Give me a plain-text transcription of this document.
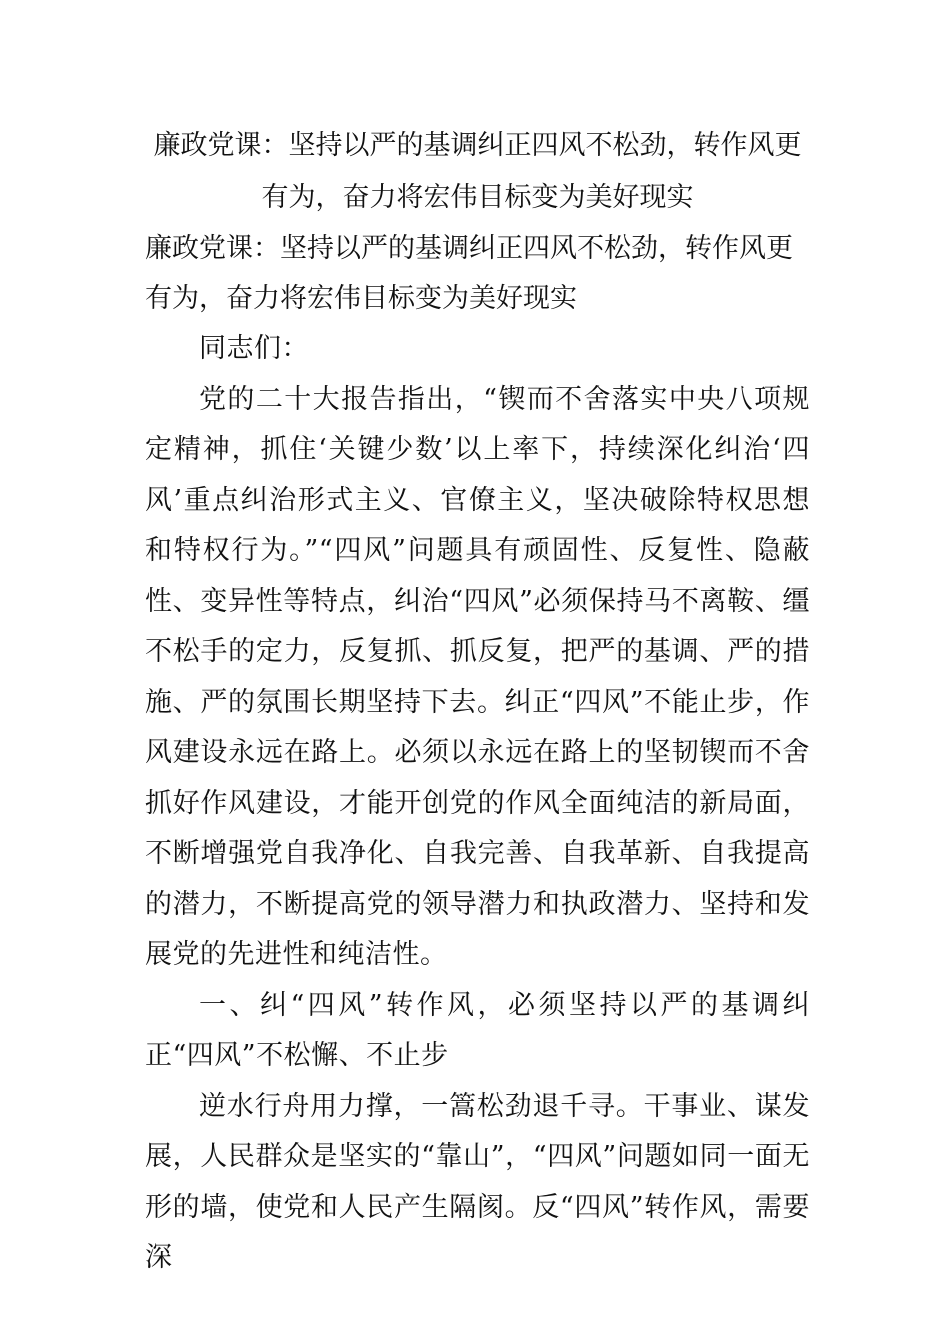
廉政党课：坚持以严的基调纠正四风不松劲，转作风更有为，奋力将宏伟目标变为美好现实

廉政党课：坚持以严的基调纠正四风不松劲，转作风更有为，奋力将宏伟目标变为美好现实

同志们：

党的二十大报告指出，“锲而不舍落实中央八项规定精神，抓住‘关键少数’以上率下，持续深化纠治‘四风’重点纠治形式主义、官僚主义，坚决破除特权思想和特权行为。”“四风”问题具有顽固性、反复性、隐蔽性、变异性等特点，纠治“四风”必须保持马不离鞍、缰不松手的定力，反复抓、抓反复，把严的基调、严的措施、严的氛围长期坚持下去。纠正“四风”不能止步，作风建设永远在路上。必须以永远在路上的坚韧锲而不舍抓好作风建设，才能开创党的作风全面纯洁的新局面，不断增强党自我净化、自我完善、自我革新、自我提高的潜力，不断提高党的领导潜力和执政潜力、坚持和发展党的先进性和纯洁性。

一、纠“四风”转作风，必须坚持以严的基调纠正“四风”不松懈、不止步

逆水行舟用力撑，一篙松劲退千寻。干事业、谋发展，人民群众是坚实的“靠山”，“四风”问题如同一面无形的墙，使党和人民产生隔阂。反“四风”转作风，需要深
